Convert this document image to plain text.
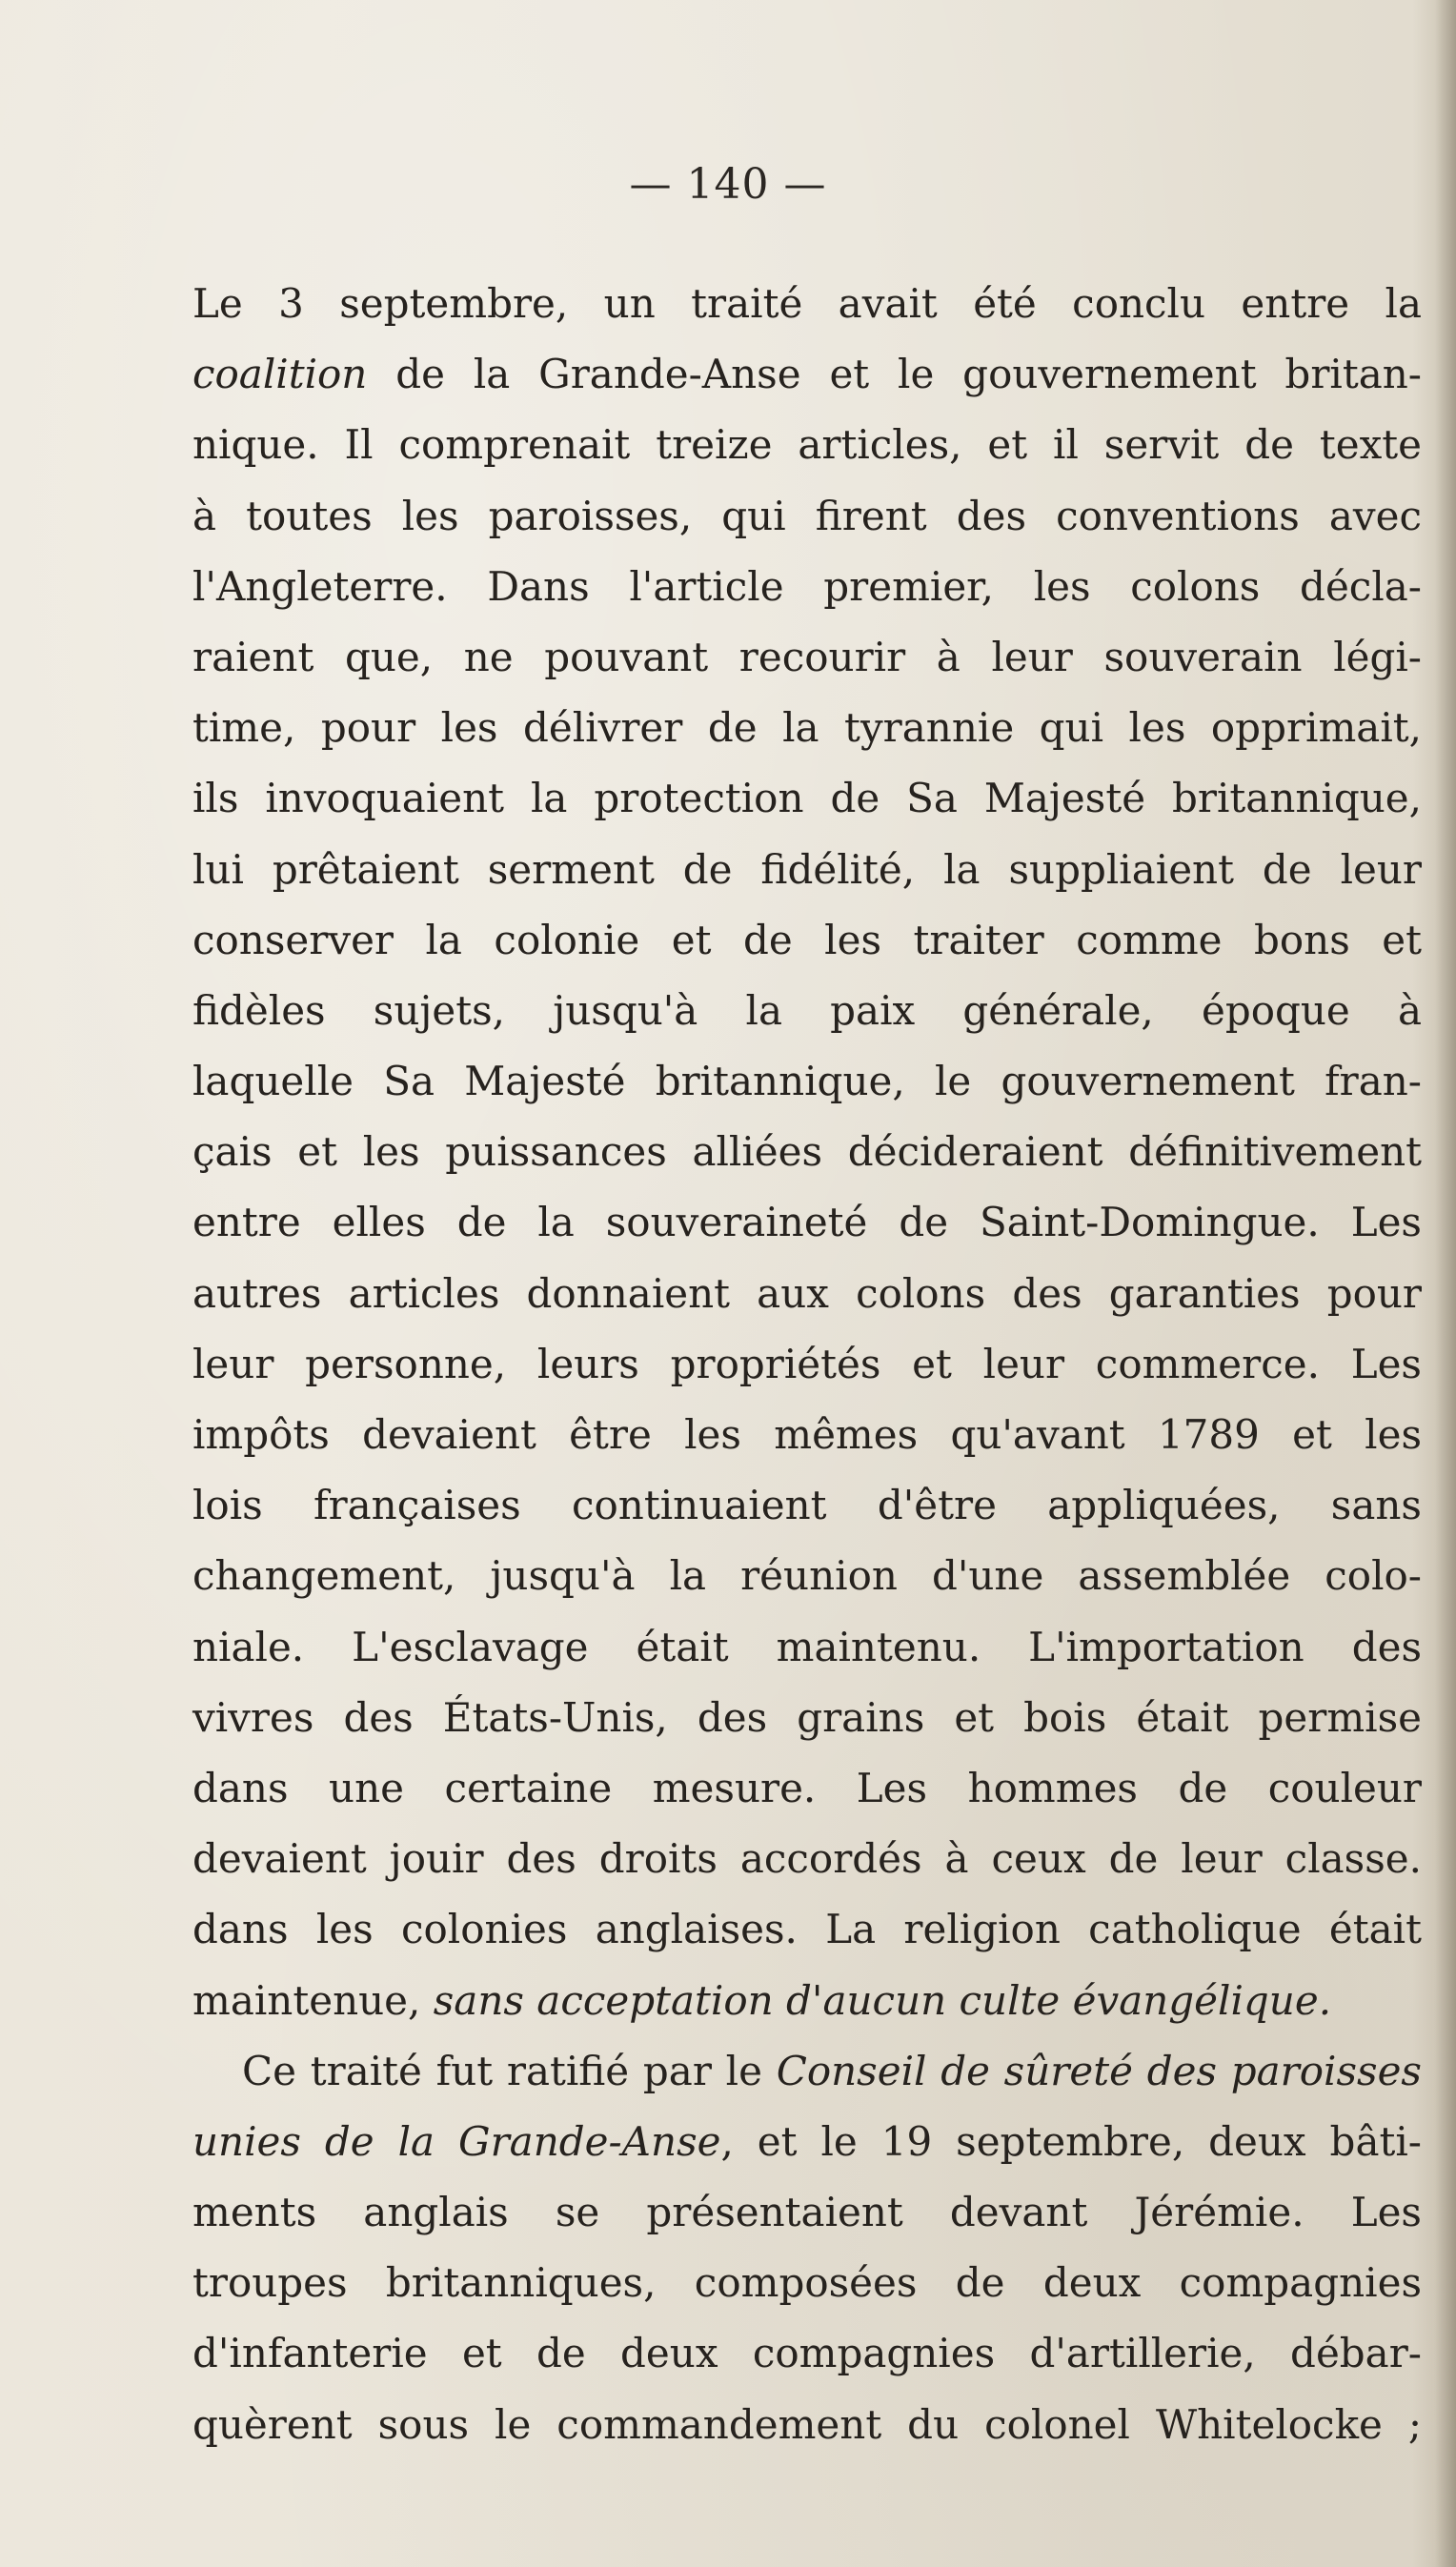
— 140 —
Le 3 septembre, un traité avait été conclu entre la
coalition de la Grande-Anse et le gouvernement britan-
nique. Il comprenait treize articles, et il servit de texte
à toutes les paroisses, qui firent des conventions avec
l'Angleterre. Dans l'article premier, les colons décla-
raient que, ne pouvant recourir à leur souverain légi-
time, pour les délivrer de la tyrannie qui les opprimait,
ils invoquaient la protection de Sa Majesté britannique,
lui prêtaient serment de fidélité, la suppliaient de leur
conserver la colonie et de les traiter comme bons et
fidèles sujets, jusqu'à la paix générale, époque à
laquelle Sa Majesté britannique, le gouvernement fran-
çais et les puissances alliées décideraient définitivement
entre elles de la souveraineté de Saint-Domingue. Les
autres articles donnaient aux colons des garanties pour
leur personne, leurs propriétés et leur commerce. Les
impôts devaient être les mêmes qu'avant 1789 et les
lois françaises continuaient d'être appliquées, sans
changement, jusqu'à la réunion d'une assemblée colo-
niale. L'esclavage était maintenu. L'importation des
vivres des États-Unis, des grains et bois était permise
dans une certaine mesure. Les hommes de couleur
devaient jouir des droits accordés à ceux de leur classe.
dans les colonies anglaises. La religion catholique était
maintenue, sans acceptation d'aucun culte évangélique.
Ce traité fut ratifié par le Conseil de sûreté des paroisses
unies de la Grande-Anse, et le 19 septembre, deux bâti-
ments anglais se présentaient devant Jérémie. Les
troupes britanniques, composées de deux compagnies
d'infanterie et de deux compagnies d'artillerie, débar-
quèrent sous le commandement du colonel Whitelocke ;
